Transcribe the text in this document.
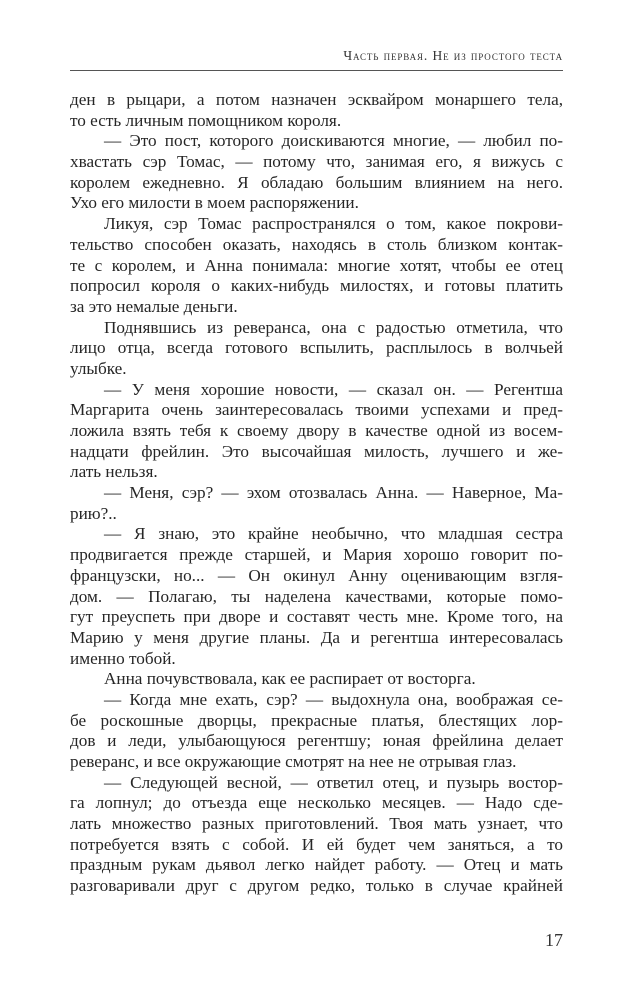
Часть первая. Не из простого теста
ден в рыцари, а потом назначен эсквайром монаршего тела,
то есть личным помощником короля.
— Это пост, которого доискиваются многие, — любил по-
хвастать сэр Томас, — потому что, занимая его, я вижусь с
королем ежедневно. Я обладаю большим влиянием на него.
Ухо его милости в моем распоряжении.
Ликуя, сэр Томас распространялся о том, какое покрови-
тельство способен оказать, находясь в столь близком контак-
те с королем, и Анна понимала: многие хотят, чтобы ее отец
попросил короля о каких-нибудь милостях, и готовы платить
за это немалые деньги.
Поднявшись из реверанса, она с радостью отметила, что
лицо отца, всегда готового вспылить, расплылось в волчьей
улыбке.
— У меня хорошие новости, — сказал он. — Регентша
Маргарита очень заинтересовалась твоими успехами и пред-
ложила взять тебя к своему двору в качестве одной из восем-
надцати фрейлин. Это высочайшая милость, лучшего и же-
лать нельзя.
— Меня, сэр? — эхом отозвалась Анна. — Наверное, Ма-
рию?..
— Я знаю, это крайне необычно, что младшая сестра
продвигается прежде старшей, и Мария хорошо говорит по-
французски, но... — Он окинул Анну оценивающим взгля-
дом. — Полагаю, ты наделена качествами, которые помо-
гут преуспеть при дворе и составят честь мне. Кроме того, на
Марию у меня другие планы. Да и регентша интересовалась
именно тобой.
Анна почувствовала, как ее распирает от восторга.
— Когда мне ехать, сэр? — выдохнула она, воображая се-
бе роскошные дворцы, прекрасные платья, блестящих лор-
дов и леди, улыбающуюся регентшу; юная фрейлина делает
реверанс, и все окружающие смотрят на нее не отрывая глаз.
— Следующей весной, — ответил отец, и пузырь востор-
га лопнул; до отъезда еще несколько месяцев. — Надо сде-
лать множество разных приготовлений. Твоя мать узнает, что
потребуется взять с собой. И ей будет чем заняться, а то
праздным рукам дьявол легко найдет работу. — Отец и мать
разговаривали друг с другом редко, только в случае крайней
17
